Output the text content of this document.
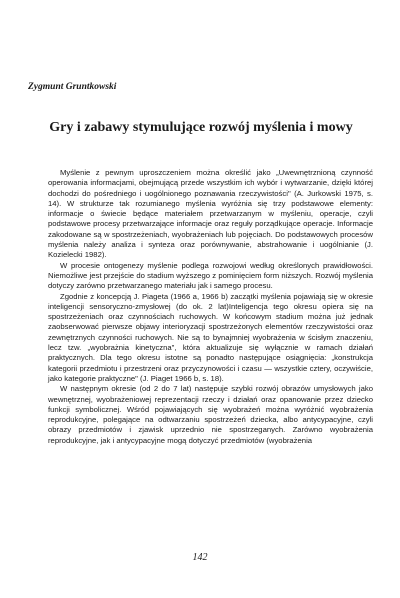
Zygmunt Gruntkowski

Gry i zabawy stymulujące rozwój myślenia i mowy

Myślenie z pewnym uproszczeniem można określić jako „Uwewnętrznioną czynność operowania informacjami, obejmującą przede wszystkim ich wybór i wytwarzanie, dzięki której dochodzi do pośredniego i uogólnionego poznawania rzeczywistości" (A. Jurkowski 1975, s. 14). W strukturze tak rozumianego myślenia wyróżnia się trzy podstawowe elementy: informacje o świecie będące materiałem przetwarzanym w myśleniu, operacje, czyli podstawowe procesy przetwarzające informacje oraz reguły porządkujące operacje. Informacje zakodowane są w spostrzeżeniach, wyobrażeniach lub pojęciach. Do podstawowych procesów myślenia należy analiza i synteza oraz porównywanie, abstrahowanie i uogólnianie (J. Kozielecki 1982).

W procesie ontogenezy myślenie podlega rozwojowi według określonych prawidłowości. Niemożliwe jest przejście do stadium wyższego z pominięciem form niższych. Rozwój myślenia dotyczy zarówno przetwarzanego materiału jak i samego procesu.

Zgodnie z koncepcją J. Piageta (1966 a, 1966 b) zaczątki myślenia pojawiają się w okresie inteligencji sensoryczno-zmysłowej (do ok. 2 lat)Inteligencja tego okresu opiera się na spostrzeżeniach oraz czynnościach ruchowych. W końcowym stadium można już jednak zaobserwować pierwsze objawy interioryzacji spostrzeżonych elementów rzeczywistości oraz zewnętrznych czynności ruchowych. Nie są to bynajmniej wyobrażenia w ścisłym znaczeniu, lecz tzw. „wyobrażnia kinetyczna", która aktualizuje się wyłącznie w ramach działań praktycznych. Dla tego okresu istotne są ponadto następujące osiągnięcia: „konstrukcja kategorii przedmiotu i przestrzeni oraz przyczynowości i czasu — wszystkie cztery, oczywiście, jako kategorie praktyczne" (J. Piaget 1966 b, s. 18).

W następnym okresie (od 2 do 7 lat) następuje szybki rozwój obrazów umysłowych jako wewnętrznej, wyobrażeniowej reprezentacji rzeczy i działań oraz opanowanie przez dziecko funkcji symbolicznej. Wśród pojawiających się wyobrażeń można wyróżnić wyobrażenia reprodukcyjne, polegające na odtwarzaniu spostrzeżeń dziecka, albo antycypacyjne, czyli obrazy przedmiotów i zjawisk uprzednio nie spostrzeganych. Zarówno wyobrażenia reprodukcyjne, jak i antycypacyjne mogą dotyczyć przedmiotów (wyobrażenia

142
